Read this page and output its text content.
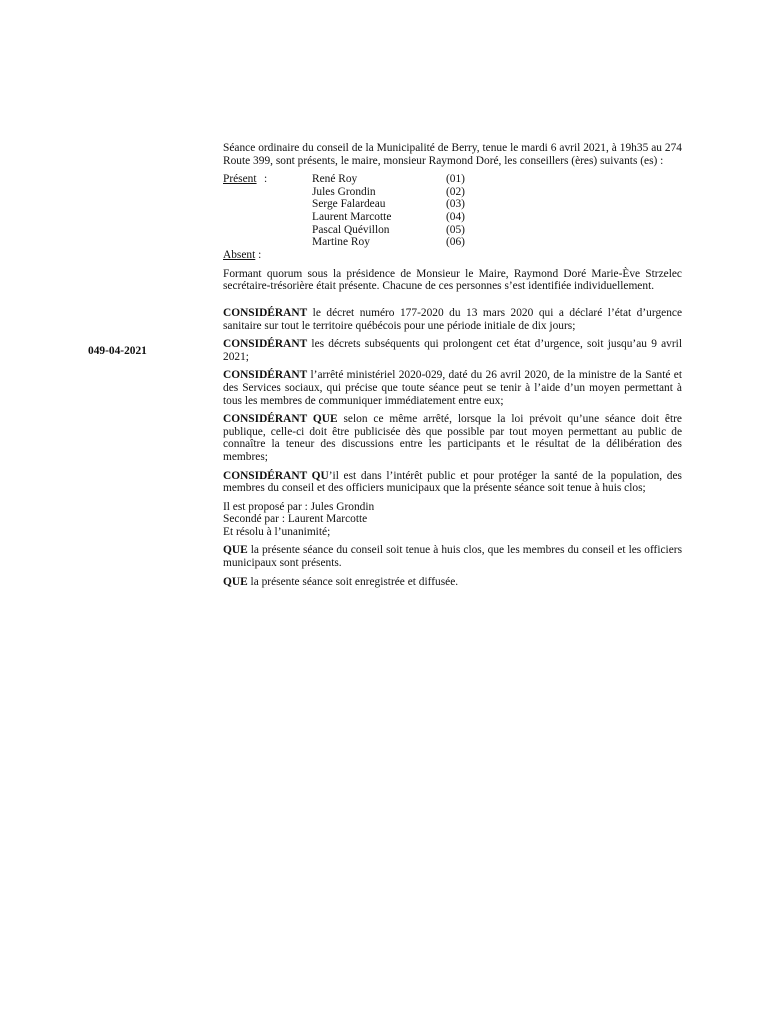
049-04-2021

Séance ordinaire du conseil de la Municipalité de Berry, tenue le mardi 6 avril 2021, à 19h35 au 274 Route 399, sont présents, le maire, monsieur Raymond Doré, les conseillers (ères) suivants (es) :

Présent :	René Roy	(01)
Jules Grondin	(02)
Serge Falardeau	(03)
Laurent Marcotte	(04)
Pascal Quévillon	(05)
Martine Roy	(06)

Absent :

Formant quorum sous la présidence de Monsieur le Maire, Raymond Doré Marie-Ève Strzelec secrétaire-trésorière était présente. Chacune de ces personnes s’est identifiée individuellement.

CONSIDÉRANT le décret numéro 177-2020 du 13 mars 2020 qui a déclaré l’état d’urgence sanitaire sur tout le territoire québécois pour une période initiale de dix jours;

CONSIDÉRANT les décrets subséquents qui prolongent cet état d’urgence, soit jusqu’au 9 avril 2021;

CONSIDÉRANT l’arrêté ministériel 2020-029, daté du 26 avril 2020, de la ministre de la Santé et des Services sociaux, qui précise que toute séance peut se tenir à l’aide d’un moyen permettant à tous les membres de communiquer immédiatement entre eux;

CONSIDÉRANT QUE selon ce même arrêté, lorsque la loi prévoit qu’une séance doit être publique, celle-ci doit être publicisée dès que possible par tout moyen permettant au public de connaître la teneur des discussions entre les participants et le résultat de la délibération des membres;

CONSIDÉRANT QU’il est dans l’intérêt public et pour protéger la santé de la population, des membres du conseil et des officiers municipaux que la présente séance soit tenue à huis clos;

Il est proposé par : Jules Grondin

Secondé par : Laurent Marcotte

Et résolu à l’unanimité;

QUE la présente séance du conseil soit tenue à huis clos, que les membres du conseil et les officiers municipaux sont présents.

QUE la présente séance soit enregistrée et diffusée.
